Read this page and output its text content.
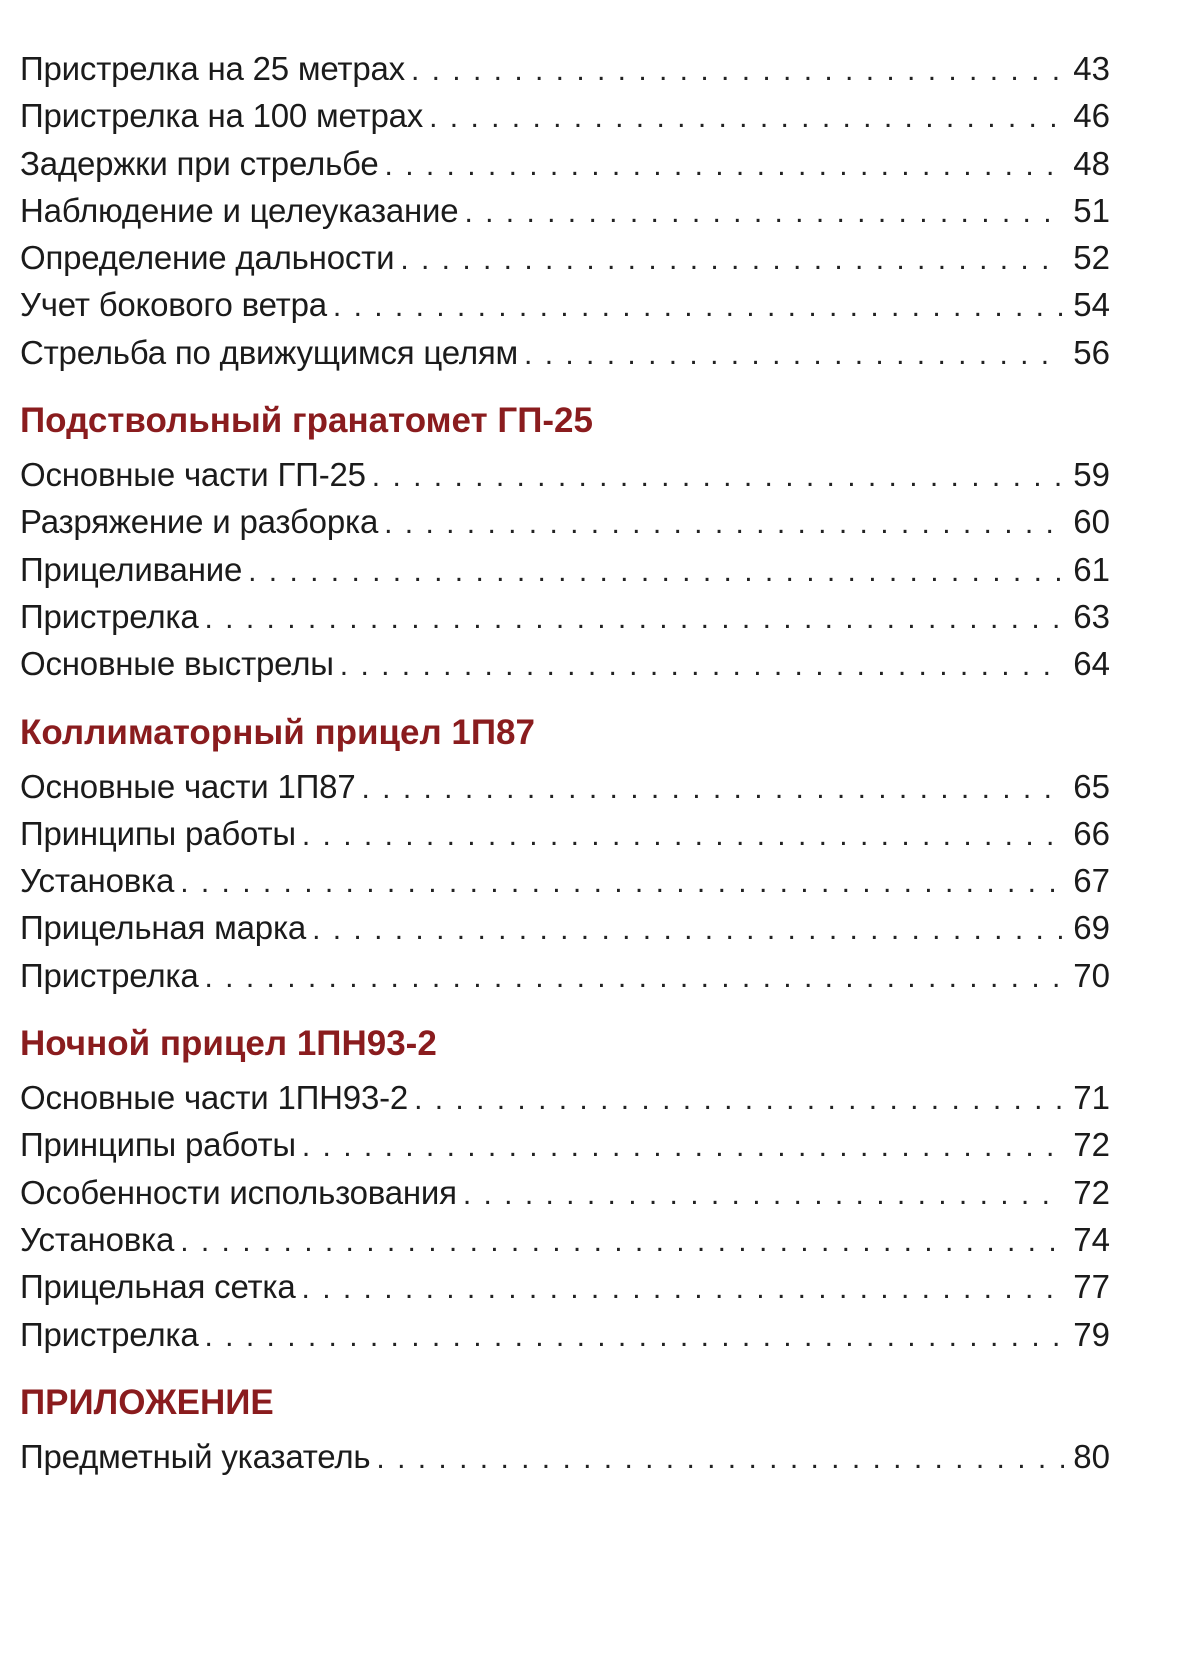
Пристрелка на 25 метрах . . .	43
Пристрелка на 100 метрах . . .	46
Задержки при стрельбе . . .	48
Наблюдение и целеуказание . . .	51
Определение дальности . . .	52
Учет бокового ветра . . .	54
Стрельба по движущимся целям . . .	56
Подствольный гранатомет ГП-25
Основные части ГП-25 . . .	59
Разряжение и разборка . . .	60
Прицеливание . . .	61
Пристрелка . . .	63
Основные выстрелы . . .	64
Коллиматорный прицел 1П87
Основные части 1П87 . . .	65
Принципы работы . . .	66
Установка . . .	67
Прицельная марка . . .	69
Пристрелка . . .	70
Ночной прицел 1ПН93-2
Основные части 1ПН93-2 . . .	71
Принципы работы . . .	72
Особенности использования . . .	72
Установка . . .	74
Прицельная сетка . . .	77
Пристрелка . . .	79
ПРИЛОЖЕНИЕ
Предметный указатель . . .	80
